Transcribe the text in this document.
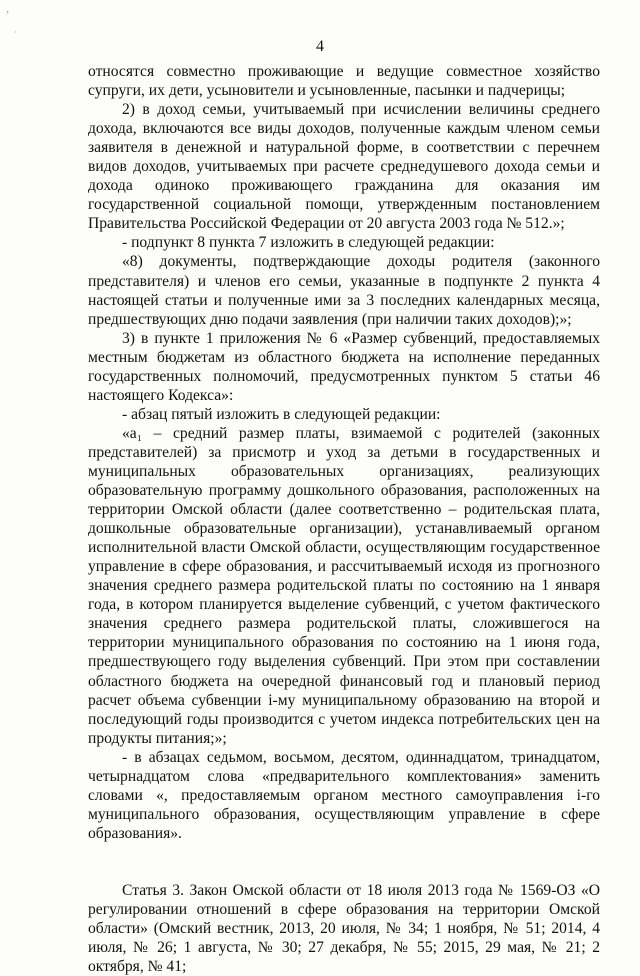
ʼ
·
4

относятся совместно проживающие и ведущие совместное хозяйство супруги, их дети, усыновители и усыновленные, пасынки и падчерицы;

2) в доход семьи, учитываемый при исчислении величины среднего дохода, включаются все виды доходов, полученные каждым членом семьи заявителя в денежной и натуральной форме, в соответствии с перечнем видов доходов, учитываемых при расчете среднедушевого дохода семьи и дохода одиноко проживающего гражданина для оказания им государственной социальной помощи, утвержденным постановлением Правительства Российской Федерации от 20 августа 2003 года № 512.»;

- подпункт 8 пункта 7 изложить в следующей редакции:

«8) документы, подтверждающие доходы родителя (законного представителя) и членов его семьи, указанные в подпункте 2 пункта 4 настоящей статьи и полученные ими за 3 последних календарных месяца, предшествующих дню подачи заявления (при наличии таких доходов);»;

3) в пункте 1 приложения № 6 «Размер субвенций, предоставляемых местным бюджетам из областного бюджета на исполнение переданных государственных полномочий, предусмотренных пунктом 5 статьи 46 настоящего Кодекса»:

- абзац пятый изложить в следующей редакции:

«a₁ – средний размер платы, взимаемой с родителей (законных представителей) за присмотр и уход за детьми в государственных и муниципальных образовательных организациях, реализующих образовательную программу дошкольного образования, расположенных на территории Омской области (далее соответственно – родительская плата, дошкольные образовательные организации), устанавливаемый органом исполнительной власти Омской области, осуществляющим государственное управление в сфере образования, и рассчитываемый исходя из прогнозного значения среднего размера родительской платы по состоянию на 1 января года, в котором планируется выделение субвенций, с учетом фактического значения среднего размера родительской платы, сложившегося на территории муниципального образования по состоянию на 1 июня года, предшествующего году выделения субвенций. При этом при составлении областного бюджета на очередной финансовый год и плановый период расчет объема субвенции i-му муниципальному образованию на второй и последующий годы производится с учетом индекса потребительских цен на продукты питания;»;

- в абзацах седьмом, восьмом, десятом, одиннадцатом, тринадцатом, четырнадцатом слова «предварительного комплектования» заменить словами «, предоставляемым органом местного самоуправления i-го муниципального образования, осуществляющим управление в сфере образования».

Статья 3. Закон Омской области от 18 июля 2013 года № 1569-ОЗ «О регулировании отношений в сфере образования на территории Омской области» (Омский вестник, 2013, 20 июля, № 34; 1 ноября, № 51; 2014, 4 июля, № 26; 1 августа, № 30; 27 декабря, № 55; 2015, 29 мая, № 21; 2 октября, № 41;
